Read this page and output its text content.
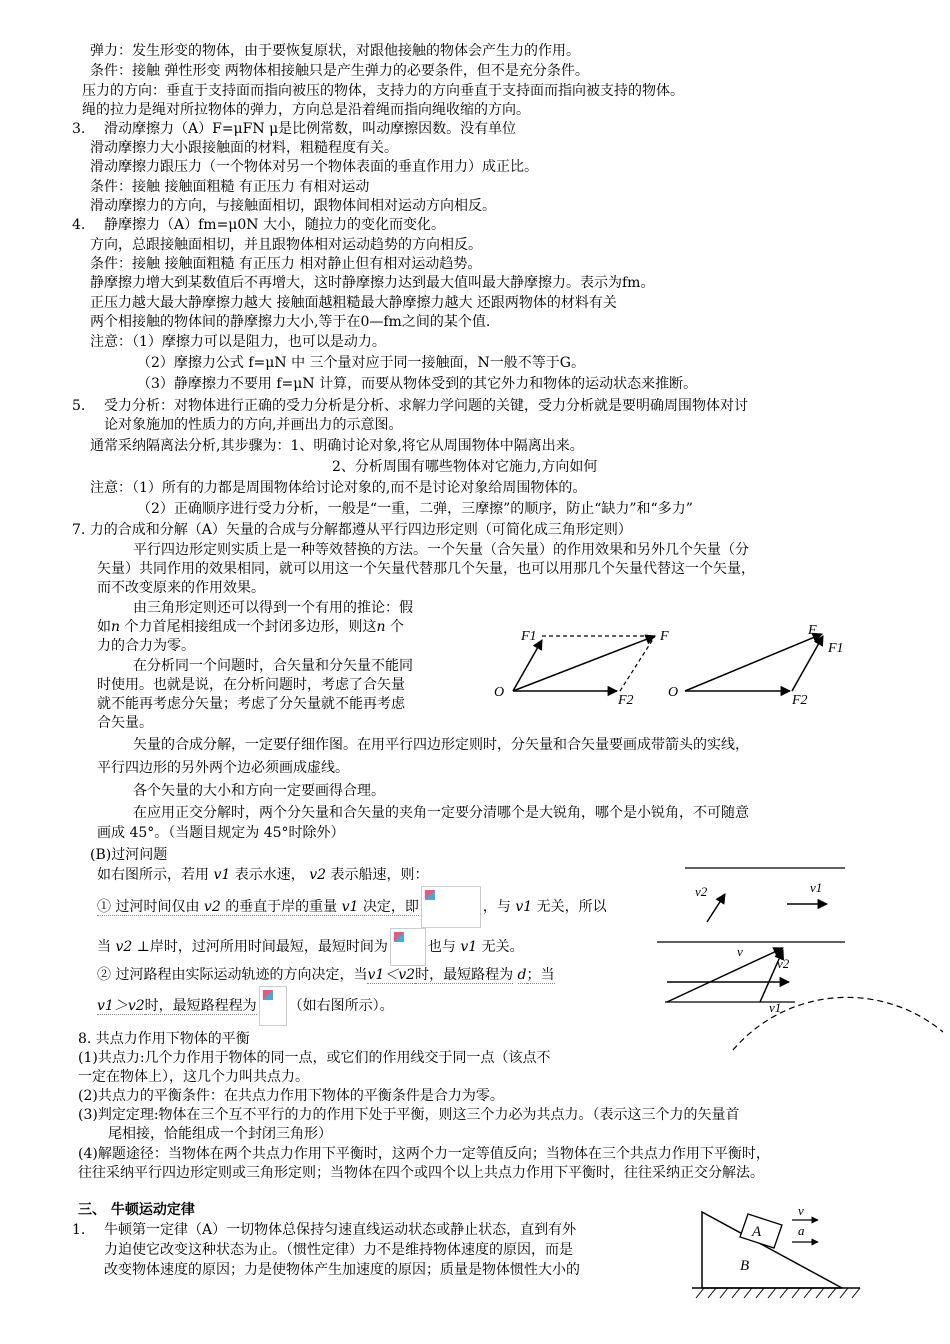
弹力：发生形变的物体，由于要恢复原状，对跟他接触的物体会产生力的作用。
条件：接触 弹性形变 两物体相接触只是产生弹力的必要条件，但不是充分条件。
压力的方向：垂直于支持面而指向被压的物体，支持力的方向垂直于支持面而指向被支持的物体。
绳的拉力是绳对所拉物体的弹力，方向总是沿着绳而指向绳收缩的方向。
3. 滑动摩擦力（A）F=μFN μ是比例常数，叫动摩擦因数。没有单位
滑动摩擦力大小跟接触面的材料，粗糙程度有关。
滑动摩擦力跟压力（一个物体对另一个物体表面的垂直作用力）成正比。
条件：接触 接触面粗糙 有正压力 有相对运动
滑动摩擦力的方向，与接触面相切，跟物体间相对运动方向相反。
4. 静摩擦力（A）fm=μ0N 大小，随拉力的变化而变化。
方向，总跟接触面相切，并且跟物体相对运动趋势的方向相反。
条件：接触 接触面粗糙 有正压力 相对静止但有相对运动趋势。
静摩擦力增大到某数值后不再增大，这时静摩擦力达到最大值叫最大静摩擦力。表示为fm。
正压力越大最大静摩擦力越大 接触面越粗糙最大静摩擦力越大 还跟两物体的材料有关
两个相接触的物体间的静摩擦力大小,等于在0—fm之间的某个值.
注意：（1）摩擦力可以是阻力，也可以是动力。
（2）摩擦力公式 f=μN 中 三个量对应于同一接触面，N一般不等于G。
（3）静摩擦力不要用 f=μN 计算，而要从物体受到的其它外力和物体的运动状态来推断。
5. 受力分析：对物体进行正确的受力分析是分析、求解力学问题的关键，受力分析就是要明确周围物体对讨
论对象施加的性质力的方向,并画出力的示意图。
通常采纳隔离法分析,其步骤为：1、明确讨论对象,将它从周围物体中隔离出来。
2、分析周围有哪些物体对它施力,方向如何
注意：（1）所有的力都是周围物体给讨论对象的,而不是讨论对象给周围物体的。
（2）正确顺序进行受力分析，一般是“一重，二弹，三摩擦”的顺序，防止“缺力”和“多力”
7. 力的合成和分解（A）矢量的合成与分解都遵从平行四边形定则（可简化成三角形定则）
平行四边形定则实质上是一种等效替换的方法。一个矢量（合矢量）的作用效果和另外几个矢量（分
矢量）共同作用的效果相同，就可以用这一个矢量代替那几个矢量，也可以用那几个矢量代替这一个矢量，
而不改变原来的作用效果。
由三角形定则还可以得到一个有用的推论：假
如n 个力首尾相接组成一个封闭多边形，则这n 个
力的合力为零。
在分析同一个问题时，合矢量和分矢量不能同
时使用。也就是说，在分析问题时，考虑了合矢量
就不能再考虑分矢量；考虑了分矢量就不能再考虑
合矢量。
矢量的合成分解，一定要仔细作图。在用平行四边形定则时，分矢量和合矢量要画成带箭头的实线，
平行四边形的另外两个边必须画成虚线。
各个矢量的大小和方向一定要画得合理。
在应用正交分解时，两个分矢量和合矢量的夹角一定要分清哪个是大锐角，哪个是小锐角，不可随意
画成 45°。（当题目规定为 45°时除外）
(B)过河问题
如右图所示，若用 v1 表示水速， v2 表示船速，则：
① 过河时间仅由 v2 的垂直于岸的重量 v1 决定，即	，与 v1 无关，所以
当 v2 ⊥岸时，过河所用时间最短，最短时间为	也与 v1 无关。
② 过河路程由实际运动轨迹的方向决定，当v1＜v2时，最短路程为 d；当
v1＞v2时，最短路程程为 （如右图所示）。
8. 共点力作用下物体的平衡
(1)共点力:几个力作用于物体的同一点，或它们的作用线交于同一点（该点不
一定在物体上），这几个力叫共点力。
(2)共点力的平衡条件：在共点力作用下物体的平衡条件是合力为零。
(3)判定定理:物体在三个互不平行的力的作用下处于平衡，则这三个力必为共点力。（表示这三个力的矢量首
尾相接，恰能组成一个封闭三角形）
(4)解题途径：当物体在两个共点力作用下平衡时，这两个力一定等值反向；当物体在三个共点力作用下平衡时，
往往采纳平行四边形定则或三角形定则；当物体在四个或四个以上共点力作用下平衡时，往往采纳正交分解法。
三、 牛顿运动定律
1. 牛顿第一定律（A）一切物体总保持匀速直线运动状态或静止状态，直到有外
力迫使它改变这种状态为止。（惯性定律）力不是维持物体速度的原因，而是
改变物体速度的原因；力是使物体产生加速度的原因；质量是物体惯性大小的
F1	F
O
F2
F
F1
O
F2
v2	v1
v
v2
v1
A
B
v
a
